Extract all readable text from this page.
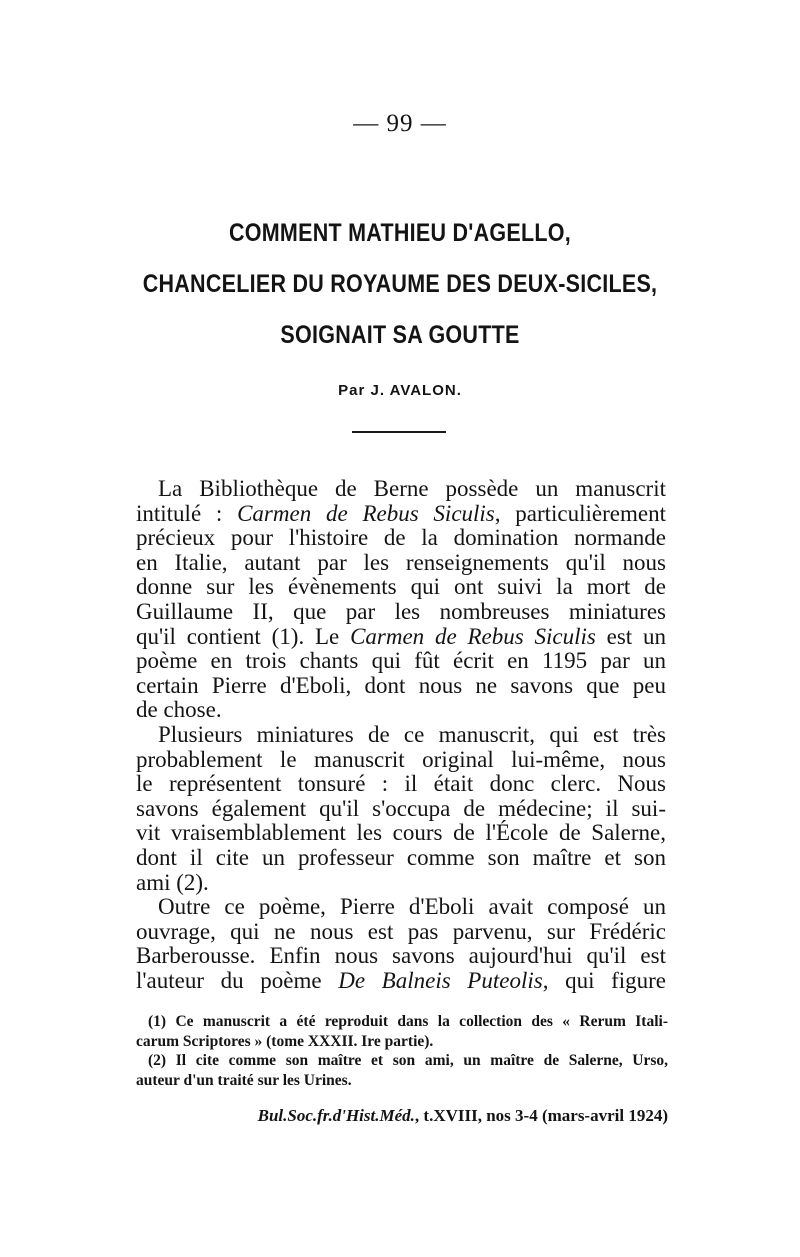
— 99 —
COMMENT MATHIEU D'AGELLO,
CHANCELIER DU ROYAUME DES DEUX-SICILES,
SOIGNAIT SA GOUTTE
Par J. AVALON.
La Bibliothèque de Berne possède un manuscrit
intitulé : Carmen de Rebus Siculis, particulièrement
précieux pour l'histoire de la domination normande
en Italie, autant par les renseignements qu'il nous
donne sur les évènements qui ont suivi la mort de
Guillaume II, que par les nombreuses miniatures
qu'il contient (1). Le Carmen de Rebus Siculis est un
poème en trois chants qui fût écrit en 1195 par un
certain Pierre d'Eboli, dont nous ne savons que peu
de chose.
Plusieurs miniatures de ce manuscrit, qui est très
probablement le manuscrit original lui-même, nous
le représentent tonsuré : il était donc clerc. Nous
savons également qu'il s'occupa de médecine; il sui-
vit vraisemblablement les cours de l'École de Salerne,
dont il cite un professeur comme son maître et son
ami (2).
Outre ce poème, Pierre d'Eboli avait composé un
ouvrage, qui ne nous est pas parvenu, sur Frédéric
Barberousse. Enfin nous savons aujourd'hui qu'il est
l'auteur du poème De Balneis Puteolis, qui figure
(1) Ce manuscrit a été reproduit dans la collection des « Rerum Itali-
carum Scriptores » (tome XXXII. Ire partie).
(2) Il cite comme son maître et son ami, un maître de Salerne, Urso,
auteur d'un traité sur les Urines.
Bul.Soc.fr.d'Hist.Méd., t.XVIII, nos 3-4 (mars-avril 1924)
